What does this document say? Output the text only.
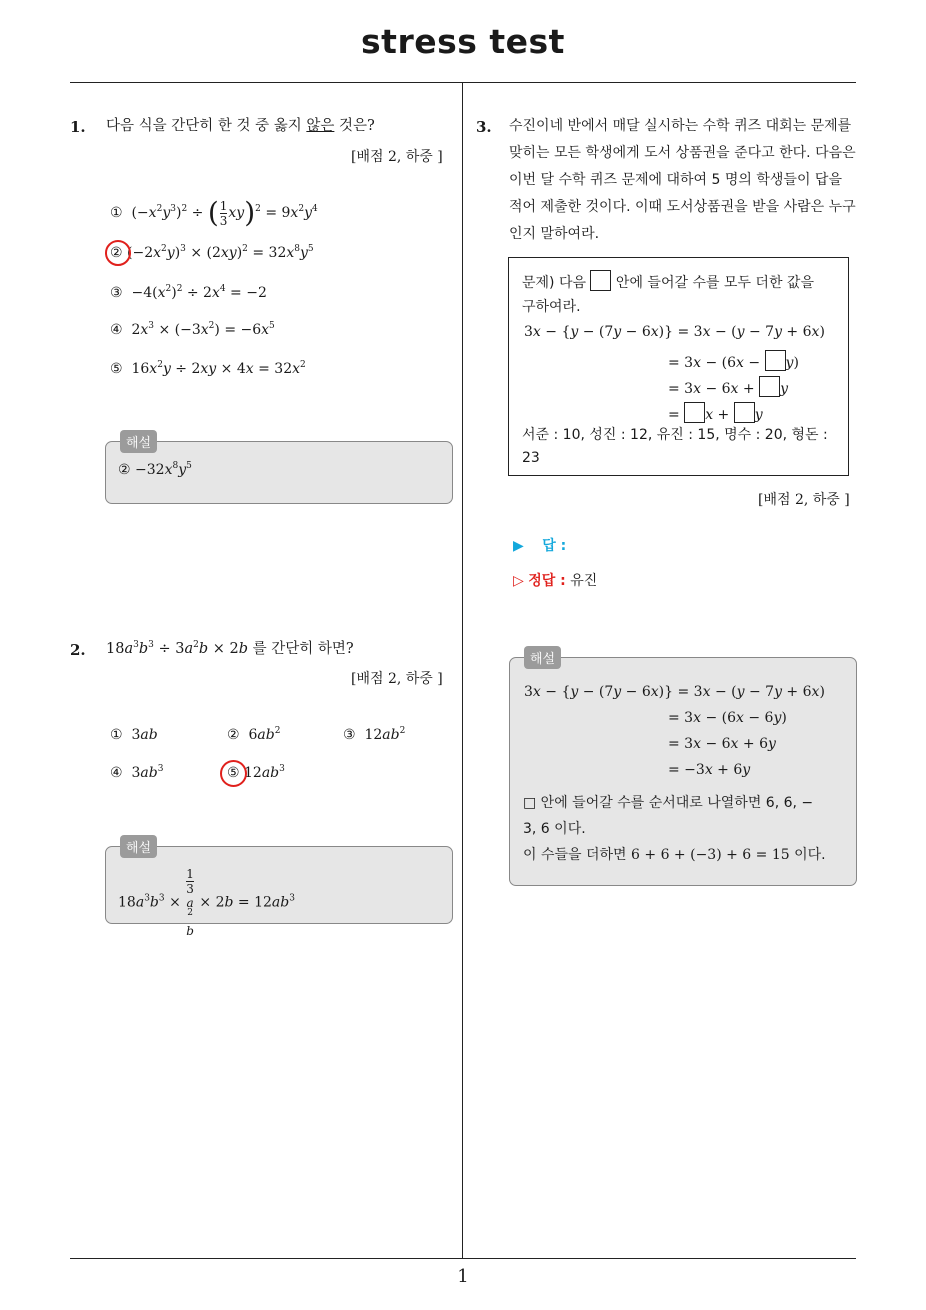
stress test
1
1. 다음 식을 간단히 한 것 중 옳지 않은 것은?
[배점 2, 하중 ]
① $(-x^2y^3)^2$ ÷ ( $\frac{1}{3} xy)^2 = 9x^2y^4$
② $(-2x^2y)^3 \times (2xy)^2 = 32x^8y^5$
③ $-4(x^2)^2 \div 2x^4 = -2$
④ $2x^3 \times (-3x^2) = -6x^5$
⑤ $16x^2y \div 2xy \times 4x = 32x^2$
② $-32x^8y^5$
해설
2. $18a^3b^3 \div 3a^2b \times 2b$ 를 간단히 하면?
[배점 2, 하중 ]
①  3ab	②  $6ab^2$	③  $12ab^2$
④  $3ab^3$	⑤ $12ab^3$
$18a^3b^3 \times 1$
3
a
$^2$
$b \times 2b = 12ab^3$
해설
3. 수진이네 반에서 매달 실시하는 수학 퀴즈 대회는 문제를 맞히는 모든 학생에게 도서 상품권을 준다고 한다. 다음은 이번 달 수학 퀴즈 문제에 대하여 5 명의 학생들이 답을 적어 제출한 것이다. 이때 도서상품권을 받을 사람은 누구인지 말하여라.
문제) 다음  안에 들어갈 수를 모두 더한 값을
구하여라.
3x − {y − (7y − 6x)} = 3x − (y − 7y + 6x)
= 3x − (6x − y)
= 3x − 6x + y
= x + y
서준 : 10, 성진 : 12, 유진 : 15, 명수 : 20, 형돈 :
23
[배점 2, 하중 ]
▶ 답 :
▷ 정답 : 유진
3x − {y − (7y − 6x)} = 3x − (y − 7y + 6x)
= 3x − (6x − 6y)
= 3x − 6x + 6y
= −3x + 6y
□ 안에 들어갈 수를 순서대로 나열하면 6, 6, −
3, 6 이다.
이 수들을 더하면 6 + 6 + (−3) + 6 = 15 이다.
해설
